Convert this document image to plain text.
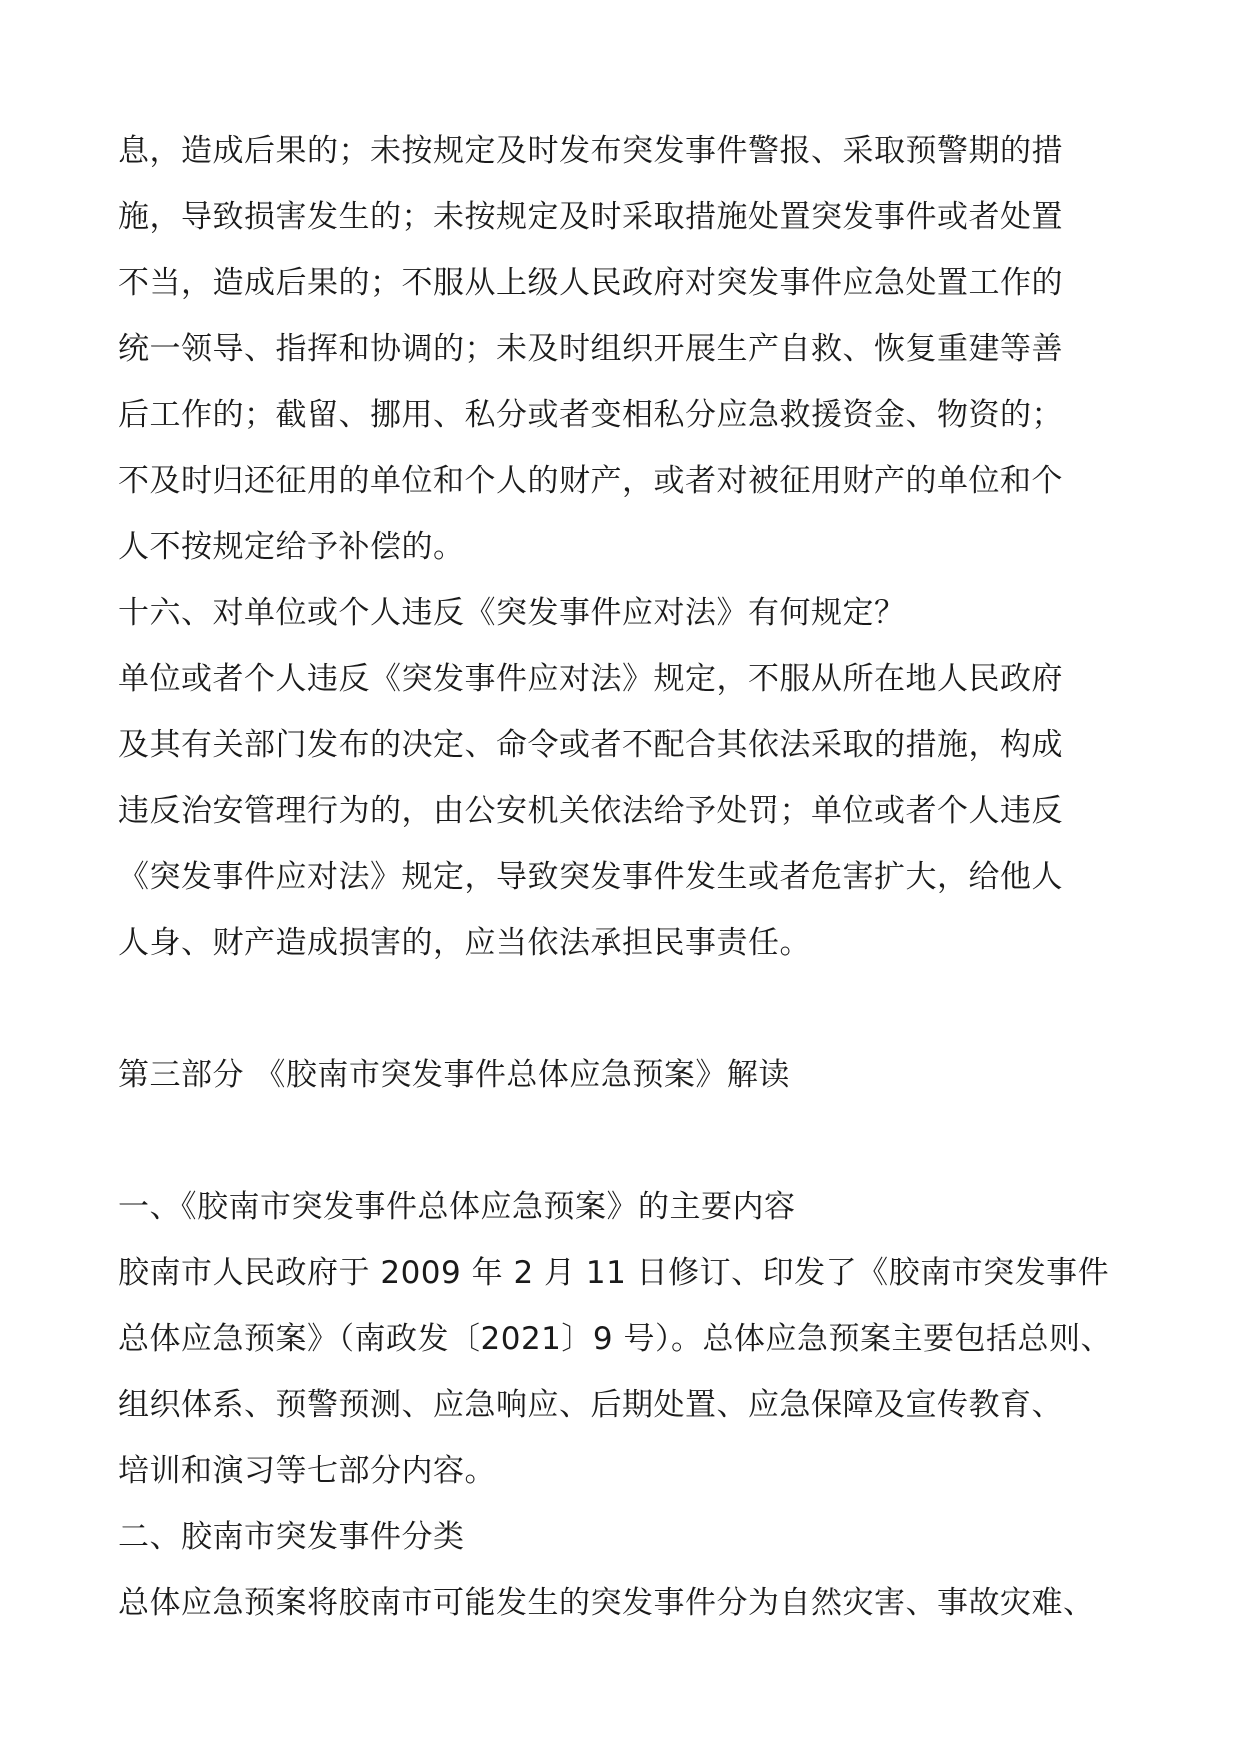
息，造成后果的；未按规定及时发布突发事件警报、采取预警期的措
施，导致损害发生的；未按规定及时采取措施处置突发事件或者处置
不当，造成后果的；不服从上级人民政府对突发事件应急处置工作的
统一领导、指挥和协调的；未及时组织开展生产自救、恢复重建等善
后工作的；截留、挪用、私分或者变相私分应急救援资金、物资的；
不及时归还征用的单位和个人的财产，或者对被征用财产的单位和个
人不按规定给予补偿的。
十六、对单位或个人违反《突发事件应对法》有何规定？
单位或者个人违反《突发事件应对法》规定，不服从所在地人民政府
及其有关部门发布的决定、命令或者不配合其依法采取的措施，构成
违反治安管理行为的，由公安机关依法给予处罚；单位或者个人违反
《突发事件应对法》规定，导致突发事件发生或者危害扩大，给他人
人身、财产造成损害的，应当依法承担民事责任。
第三部分 《胶南市突发事件总体应急预案》解读
一、《胶南市突发事件总体应急预案》的主要内容
胶南市人民政府于 2009 年 2 月 11 日修订、印发了《胶南市突发事件
总体应急预案》（南政发〔2021〕9 号）。总体应急预案主要包括总则、
组织体系、预警预测、应急响应、后期处置、应急保障及宣传教育、
培训和演习等七部分内容。
二、胶南市突发事件分类
总体应急预案将胶南市可能发生的突发事件分为自然灾害、事故灾难、
